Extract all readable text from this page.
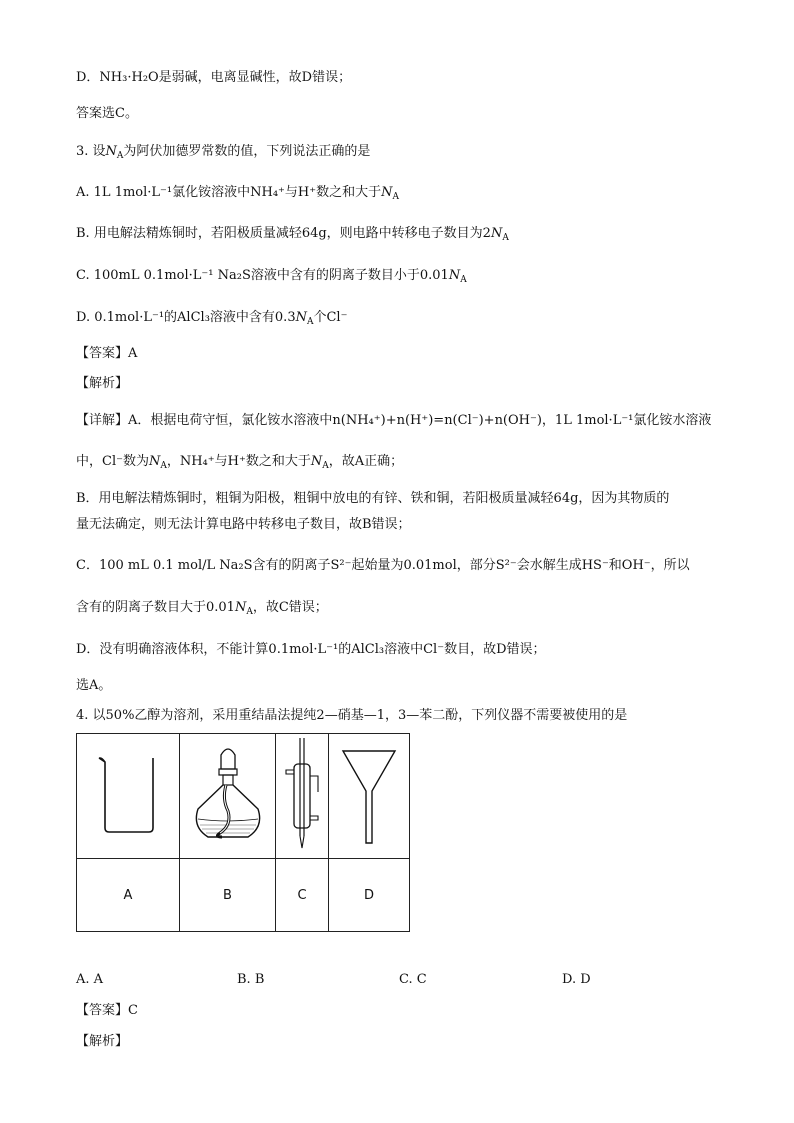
D．NH₃·H₂O是弱碱，电离显碱性，故D错误；
答案选C。
3. 设$N_A$为阿伏加德罗常数的值，下列说法正确的是
A. 1L 1mol·L⁻¹氯化铵溶液中NH₄⁺与H⁺数之和大于$N_A$
B. 用电解法精炼铜时，若阳极质量减轻64g，则电路中转移电子数目为$2N_A$
C. 100mL 0.1mol·L⁻¹ Na₂S溶液中含有的阴离子数目小于$0.01N_A$
D. 0.1mol·L⁻¹的AlCl₃溶液中含有$0.3N_A$个Cl⁻
【答案】A
【解析】
【详解】A．根据电荷守恒，氯化铵水溶液中n(NH₄⁺)+n(H⁺)=n(Cl⁻)+n(OH⁻)，1L 1mol·L⁻¹氯化铵水溶液
中，Cl⁻数为$N_A$，NH₄⁺与H⁺数之和大于$N_A$，故A正确；
B．用电解法精炼铜时，粗铜为阳极，粗铜中放电的有锌、铁和铜，若阳极质量减轻64g，因为其物质的
量无法确定，则无法计算电路中转移电子数目，故B错误；
C．100 mL 0.1 mol/L Na₂S含有的阴离子S²⁻起始量为0.01mol，部分S²⁻会水解生成HS⁻和OH⁻，所以
含有的阴离子数目大于$0.01N_A$，故C错误；
D．没有明确溶液体积，不能计算0.1mol·L⁻¹的AlCl₃溶液中Cl⁻数目，故D错误；
选A。
4. 以50%乙醇为溶剂，采用重结晶法提纯2—硝基—1，3—苯二酚，下列仪器不需要被使用的是

A	B	C	D
A. A	B. B	C. C	D. D
【答案】C
【解析】
